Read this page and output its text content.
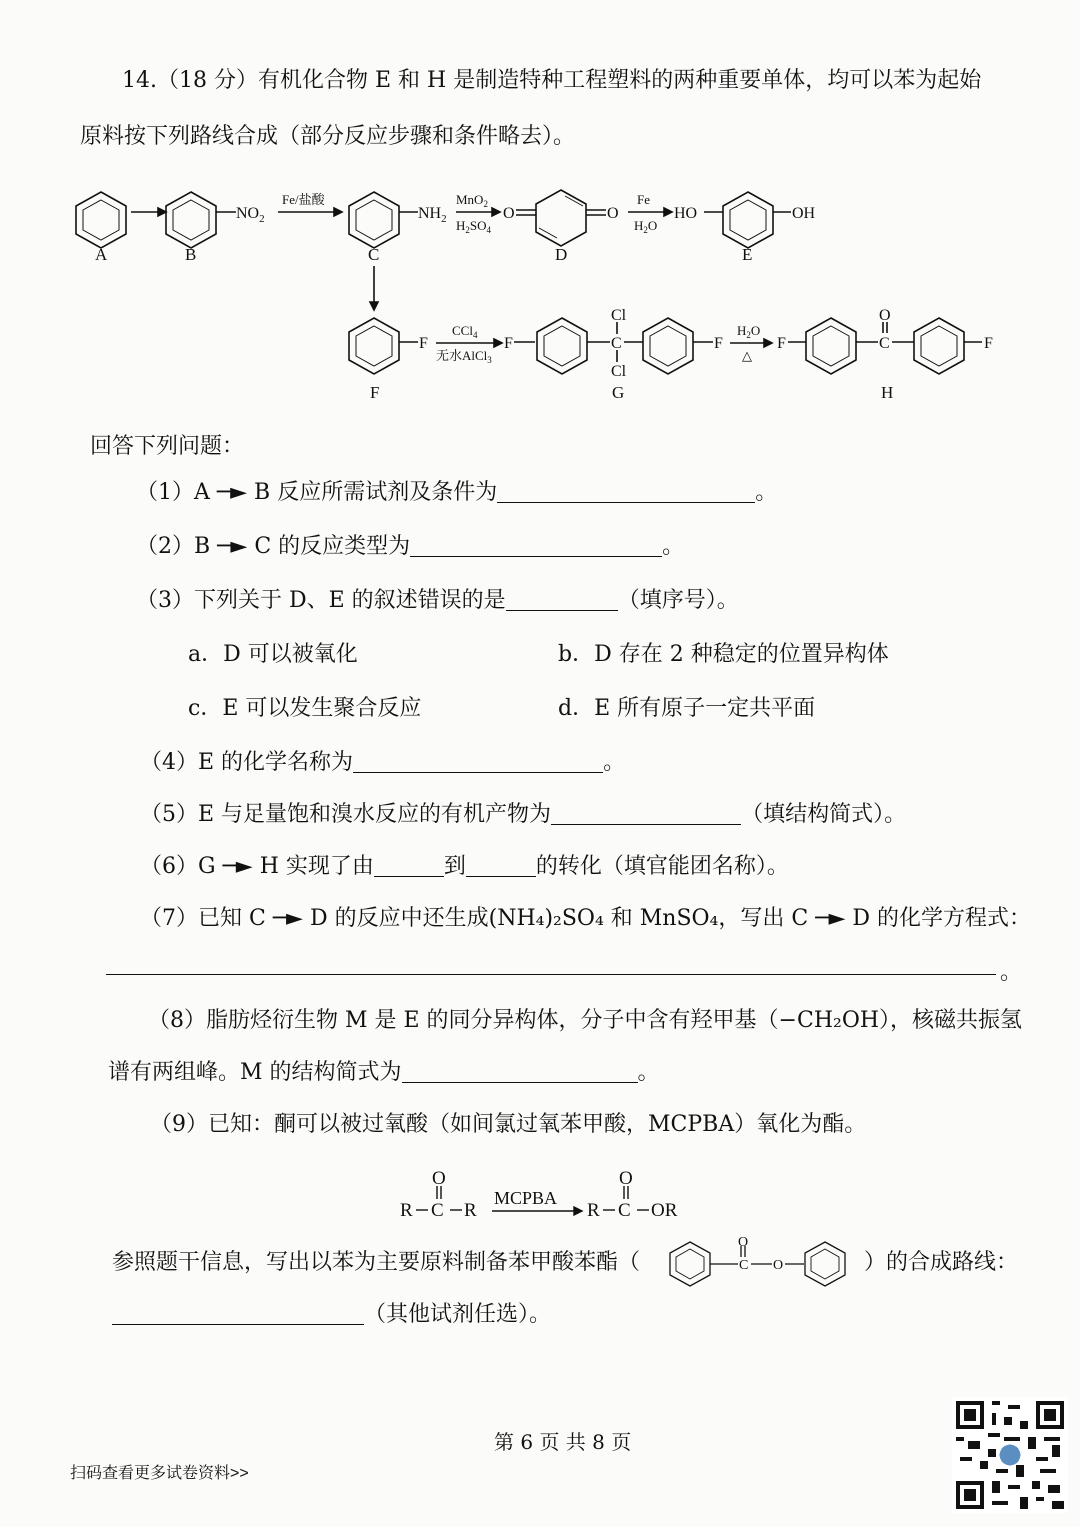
14.（18 分）有机化合物 E 和 H 是制造特种工程塑料的两种重要单体，均可以苯为起始
原料按下列路线合成（部分反应步骤和条件略去）。
A	B	C	D	E
F	G	H
$NO_2$	$NH_2$	O	O	HO	OH
F	F
Cl
C
Cl
F	F
O
C	F
Fe/盐酸	MnO$_2$
$H_2SO_4$
Fe
$H_2O$
CCl$_4$
无水AlCl$_3$
$H_2O$
△
回答下列问题：
（1）A ─► B 反应所需试剂及条件为	。
（2）B ─► C 的反应类型为	。
（3）下列关于 D、E 的叙述错误的是	（填序号）。
a．D 可以被氧化	b．D 存在 2 种稳定的位置异构体
c．E 可以发生聚合反应	d．E 所有原子一定共平面
（4）E 的化学名称为	。
（5）E 与足量饱和溴水反应的有机产物为	（填结构简式）。
（6）G ─► H 实现了由	到	的转化（填官能团名称）。
（7）已知 C ─► D 的反应中还生成(NH₄)₂SO₄ 和 MnSO₄，写出 C ─► D 的化学方程式：
。
（8）脂肪烃衍生物 M 是 E 的同分异构体，分子中含有羟甲基（−CH₂OH），核磁共振氢
谱有两组峰。M 的结构简式为	。
（9）已知：酮可以被过氧酸（如间氯过氧苯甲酸，MCPBA）氧化为酯。
O
R C R
MCPBA
O
R C OR
参照题干信息，写出以苯为主要原料制备苯甲酸苯酯（
O
C O	）的合成路线：
（其他试剂任选）。
第 6 页 共 8 页
扫码查看更多试卷资料>>
